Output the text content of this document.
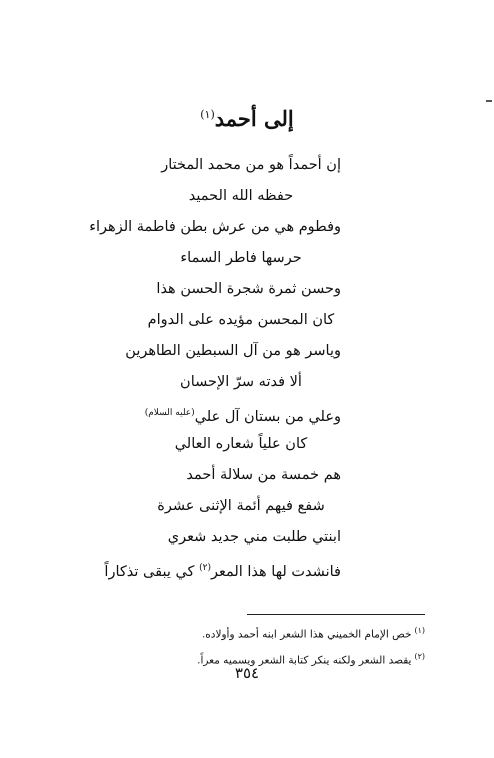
إلى أحمد$^{(١)}$
إن أحمداً هو من محمد المختار
حفظه الله الحميد
وفطوم هي من عرش بطن فاطمة الزهراء
حرسها فاطر السماء
وحسن ثمرة شجرة الحسن هذا
كان المحسن مؤيده على الدوام
وياسر هو من آل السبطين الطاهرين
ألا فدته سرّ الإحسان
وعلي من بستان آل علي$^{(عليه السلام)}$
كان علياً شعاره العالي
هم خمسة من سلالة أحمد
شفع فيهم أئمة الإثنى عشرة
ابنتي طلبت مني جديد شعري
فانشدت لها هذا المعر$^{(٢)}$ كي يبقى تذكاراً
$^{(١)}$خص الإمام الخميني هذا الشعر ابنه أحمد وأولاده.
$^{(٢)}$يقصد الشعر ولكنه ينكر كتابة الشعر ويسميه معراً.
٣٥٤
